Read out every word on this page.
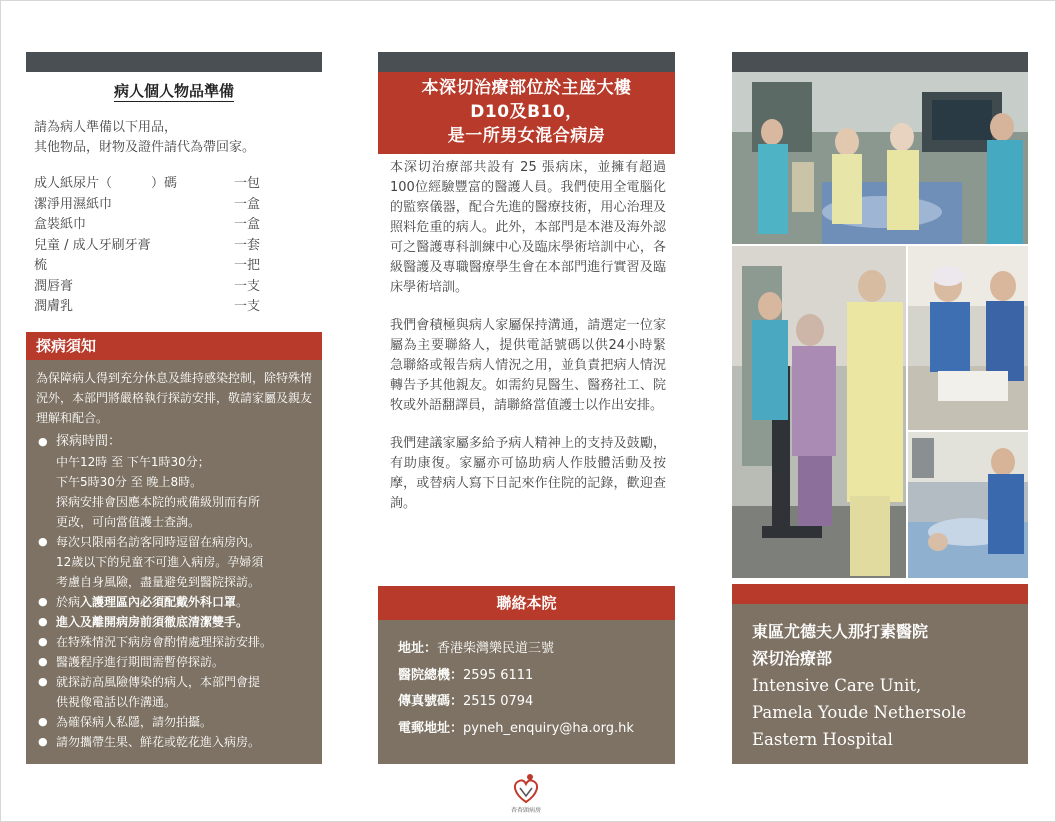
病人個人物品準備
請為病人準備以下用品，
其他物品，財物及證件請代為帶回家。
成人紙尿片（　　　）碼	一包
潔淨用濕紙巾	一盒
盒裝紙巾	一盒
兒童 / 成人牙刷牙膏	一套
梳	一把
潤唇膏	一支
潤膚乳	一支
探病須知
為保障病人得到充分休息及維持感染控制，除特殊情況外，本部門將嚴格執行探訪安排，敬請家屬及親友理解和配合。
● 探病時間：
中午12時 至 下午1時30分；
下午5時30分 至 晚上8時。
探病安排會因應本院的戒備級別而有所
更改，可向當值護士查詢。
● 每次只限兩名訪客同時逗留在病房內。
12歲以下的兒童不可進入病房。孕婦須
考慮自身風險，盡量避免到醫院探訪。
● 於病入護理區內必須配戴外科口罩。
● 進入及離開病房前須徹底清潔雙手。
● 在特殊情況下病房會酌情處理探訪安排。
● 醫護程序進行期間需暫停探訪。
● 就探訪高風險傳染的病人，本部門會提
供視像電話以作溝通。
● 為確保病人私隱，請勿拍攝。
● 請勿攜帶生果、鮮花或乾花進入病房。
本深切治療部位於主座大樓
D10及B10，
是一所男女混合病房

本深切治療部共設有 25 張病床，並擁有超過100位經驗豐富的醫護人員。我們使用全電腦化的監察儀器，配合先進的醫療技術，用心治理及照料危重的病人。此外，本部門是本港及海外認可之醫護專科訓練中心及臨床學術培訓中心，各級醫護及專職醫療學生會在本部門進行實習及臨床學術培訓。

我們會積極與病人家屬保持溝通，請選定一位家屬為主要聯絡人，提供電話號碼以供24小時緊急聯絡或報告病人情況之用，並負責把病人情況轉告予其他親友。如需約見醫生、醫務社工、院牧或外語翻譯員，請聯絡當值護士以作出安排。

我們建議家屬多給予病人精神上的支持及鼓勵，有助康復。家屬亦可協助病人作肢體活動及按摩，或替病人寫下日記來作住院的記錄，歡迎查詢。

聯絡本院
地址：香港柴灣樂民道三號
醫院總機：2595 6111
傳真號碼：2515 0794
電郵地址：pyneh_enquiry@ha.org.hk
東區尤德夫人那打素醫院
深切治療部
Intensive Care Unit,
Pamela Youde Nethersole
Eastern Hospital
杏杏頭病房
